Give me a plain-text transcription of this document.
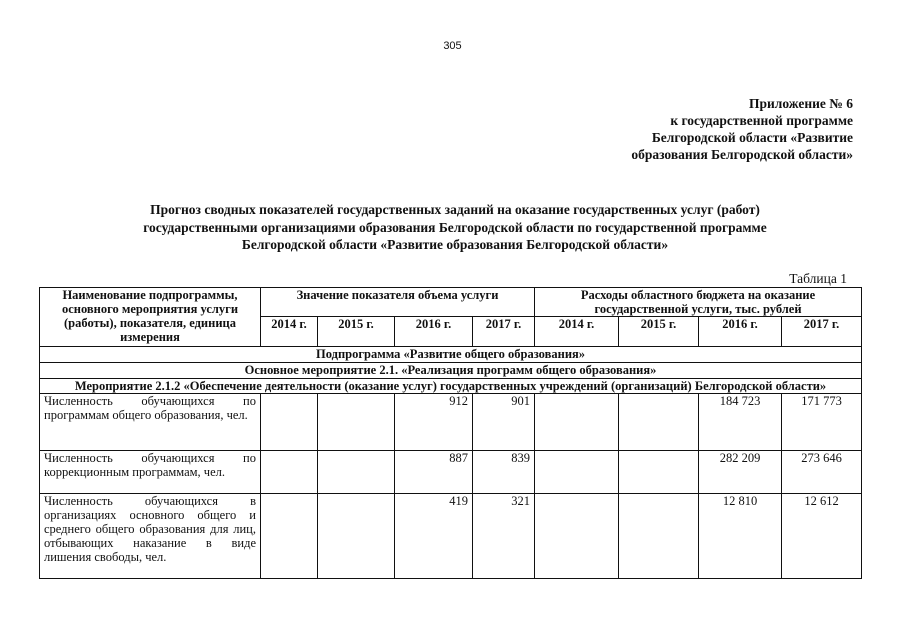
305
Приложение № 6
к государственной программе
Белгородской области «Развитие
образования Белгородской области»
Прогноз сводных показателей государственных заданий на оказание государственных услуг (работ)
государственными организациями образования Белгородской области по государственной программе
Белгородской области «Развитие образования Белгородской области»
Таблица 1
Наименование подпрограммы, основного мероприятия услуги (работы), показателя, единица измерения	Значение показателя объема услуги				Расходы областного бюджета на оказание государственной услуги, тыс. рублей			
	2014 г.	2015 г.	2016 г.	2017 г.	2014 г.	2015 г.	2016 г.	2017 г.
Подпрограмма «Развитие общего образования»								
Основное мероприятие 2.1. «Реализация программ общего образования»								
Мероприятие 2.1.2 «Обеспечение деятельности (оказание услуг) государственных учреждений (организаций) Белгородской области»								
Численность обучающихся по программам общего образования, чел.			912	901			184 723	171 773
Численность обучающихся по коррекционным программам, чел.			887	839			282 209	273 646
Численность обучающихся в организациях основного общего и среднего общего образования для лиц, отбывающих наказание в виде лишения свободы, чел.			419	321			12 810	12 612
